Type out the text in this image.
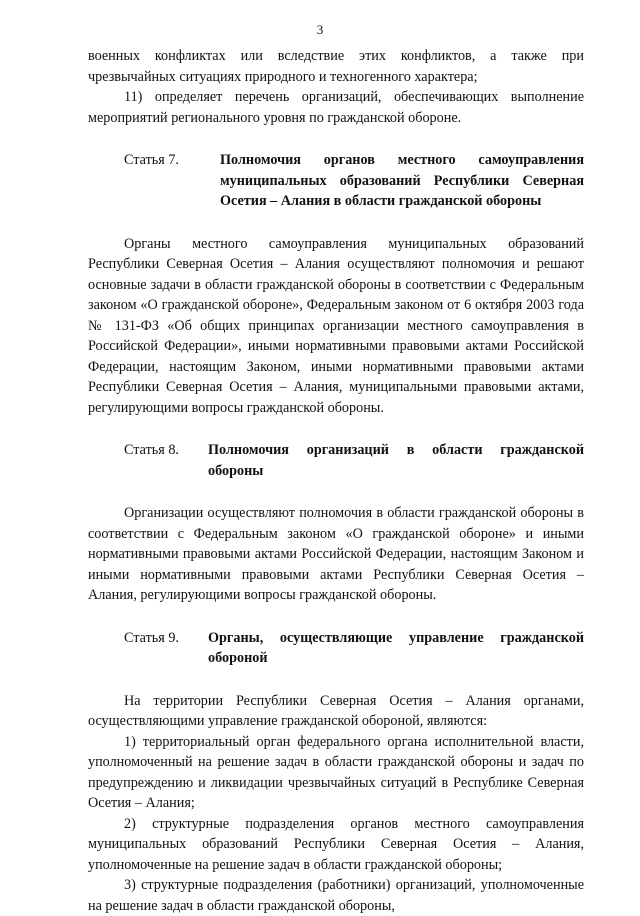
3

военных конфликтах или вследствие этих конфликтов, а также при чрезвычайных ситуациях природного и техногенного характера;

11) определяет перечень организаций, обеспечивающих выполнение мероприятий регионального уровня по гражданской обороне.

Статья 7.	Полномочия органов местного самоуправления муниципальных образований Республики Северная Осетия – Алания в области гражданской обороны

Органы местного самоуправления муниципальных образований Республики Северная Осетия – Алания осуществляют полномочия и решают основные задачи в области гражданской обороны в соответствии с Федеральным законом «О гражданской обороне», Федеральным законом от 6 октября 2003 года № 131-ФЗ «Об общих принципах организации местного самоуправления в Российской Федерации», иными нормативными правовыми актами Российской Федерации, настоящим Законом, иными нормативными правовыми актами Республики Северная Осетия – Алания, муниципальными правовыми актами, регулирующими вопросы гражданской обороны.

Статья 8.	Полномочия организаций в области гражданской обороны

Организации осуществляют полномочия в области гражданской обороны в соответствии с Федеральным законом «О гражданской обороне» и иными нормативными правовыми актами Российской Федерации, настоящим Законом и иными нормативными правовыми актами Республики Северная Осетия – Алания, регулирующими вопросы гражданской обороны.

Статья 9.	Органы, осуществляющие управление гражданской обороной

На территории Республики Северная Осетия – Алания органами, осуществляющими управление гражданской обороной, являются:

1) территориальный орган федерального органа исполнительной власти, уполномоченный на решение задач в области гражданской обороны и задач по предупреждению и ликвидации чрезвычайных ситуаций в Республике Северная Осетия – Алания;

2) структурные подразделения органов местного самоуправления муниципальных образований Республики Северная Осетия – Алания, уполномоченные на решение задач в области гражданской обороны;

3) структурные подразделения (работники) организаций, уполномоченные на решение задач в области гражданской обороны,
